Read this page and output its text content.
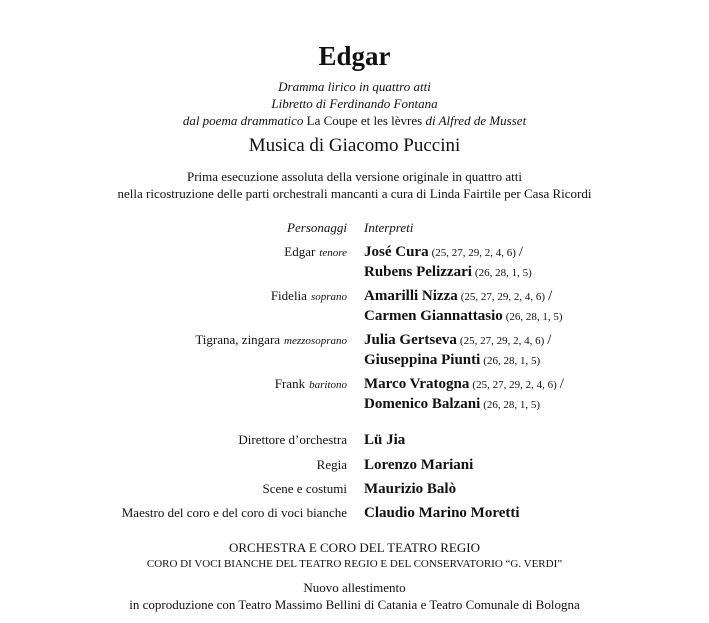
Edgar
Dramma lirico in quattro atti
Libretto di Ferdinando Fontana
dal poema drammatico La Coupe et les lèvres di Alfred de Musset
Musica di Giacomo Puccini
Prima esecuzione assoluta della versione originale in quattro atti
nella ricostruzione delle parti orchestrali mancanti a cura di Linda Fairtile per Casa Ricordi
Personaggi Interpreti
Edgar tenore José Cura (25, 27, 29, 2, 4, 6) /
Rubens Pelizzari (26, 28, 1, 5)
Fidelia soprano Amarilli Nizza (25, 27, 29, 2, 4, 6) /
Carmen Giannattasio (26, 28, 1, 5)
Tigrana, zingara mezzosoprano Julia Gertseva (25, 27, 29, 2, 4, 6) /
Giuseppina Piunti (26, 28, 1, 5)
Frank baritono Marco Vratogna (25, 27, 29, 2, 4, 6) /
Domenico Balzani (26, 28, 1, 5)
Direttore d’orchestra Lü Jia
Regia Lorenzo Mariani
Scene e costumi Maurizio Balò
Maestro del coro e del coro di voci bianche Claudio Marino Moretti
ORCHESTRA E CORO DEL TEATRO REGIO
CORO DI VOCI BIANCHE DEL TEATRO REGIO E DEL CONSERVATORIO “G. VERDI”
Nuovo allestimento
in coproduzione con Teatro Massimo Bellini di Catania e Teatro Comunale di Bologna
